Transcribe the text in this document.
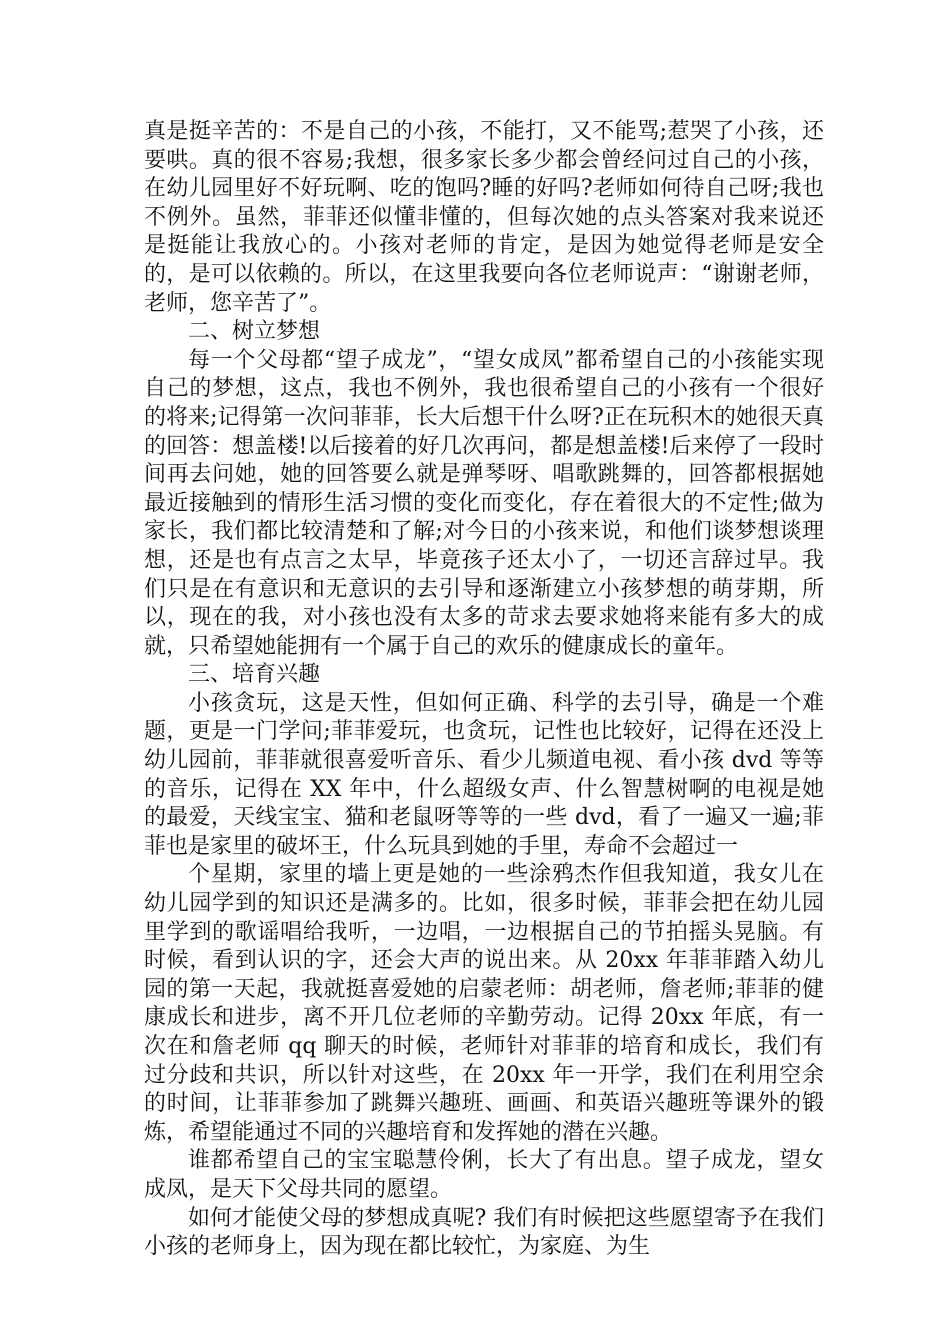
真是挺辛苦的：不是自己的小孩，不能打，又不能骂;惹哭了小孩，还要哄。真的很不容易;我想，很多家长多少都会曾经问过自己的小孩，在幼儿园里好不好玩啊、吃的饱吗?睡的好吗?老师如何待自己呀;我也不例外。虽然，菲菲还似懂非懂的，但每次她的点头答案对我来说还是挺能让我放心的。小孩对老师的肯定，是因为她觉得老师是安全的，是可以依赖的。所以，在这里我要向各位老师说声：“谢谢老师，老师，您辛苦了”。

二、树立梦想

每一个父母都“望子成龙”，“望女成凤”都希望自己的小孩能实现自己的梦想，这点，我也不例外，我也很希望自己的小孩有一个很好的将来;记得第一次问菲菲，长大后想干什么呀?正在玩积木的她很天真的回答：想盖楼!以后接着的好几次再问，都是想盖楼!后来停了一段时间再去问她，她的回答要么就是弹琴呀、唱歌跳舞的，回答都根据她最近接触到的情形生活习惯的变化而变化，存在着很大的不定性;做为家长，我们都比较清楚和了解;对今日的小孩来说，和他们谈梦想谈理想，还是也有点言之太早，毕竟孩子还太小了，一切还言辞过早。我们只是在有意识和无意识的去引导和逐渐建立小孩梦想的萌芽期，所以，现在的我，对小孩也没有太多的苛求去要求她将来能有多大的成就，只希望她能拥有一个属于自己的欢乐的健康成长的童年。

三、培育兴趣

小孩贪玩，这是天性，但如何正确、科学的去引导，确是一个难题，更是一门学问;菲菲爱玩，也贪玩，记性也比较好，记得在还没上幼儿园前，菲菲就很喜爱听音乐、看少儿频道电视、看小孩 dvd 等等的音乐，记得在 XX 年中，什么超级女声、什么智慧树啊的电视是她的最爱，天线宝宝、猫和老鼠呀等等的一些 dvd，看了一遍又一遍;菲菲也是家里的破坏王，什么玩具到她的手里，寿命不会超过一

个星期，家里的墙上更是她的一些涂鸦杰作但我知道，我女儿在幼儿园学到的知识还是满多的。比如，很多时候，菲菲会把在幼儿园里学到的歌谣唱给我听，一边唱，一边根据自己的节拍摇头晃脑。有时候，看到认识的字，还会大声的说出来。从 20xx 年菲菲踏入幼儿园的第一天起，我就挺喜爱她的启蒙老师：胡老师，詹老师;菲菲的健康成长和进步，离不开几位老师的辛勤劳动。记得 20xx 年底，有一次在和詹老师 qq 聊天的时候，老师针对菲菲的培育和成长，我们有过分歧和共识，所以针对这些，在 20xx 年一开学，我们在利用空余的时间，让菲菲参加了跳舞兴趣班、画画、和英语兴趣班等课外的锻炼，希望能通过不同的兴趣培育和发挥她的潜在兴趣。

谁都希望自己的宝宝聪慧伶俐，长大了有出息。望子成龙，望女成凤，是天下父母共同的愿望。

如何才能使父母的梦想成真呢? 我们有时候把这些愿望寄予在我们小孩的老师身上，因为现在都比较忙，为家庭、为生
